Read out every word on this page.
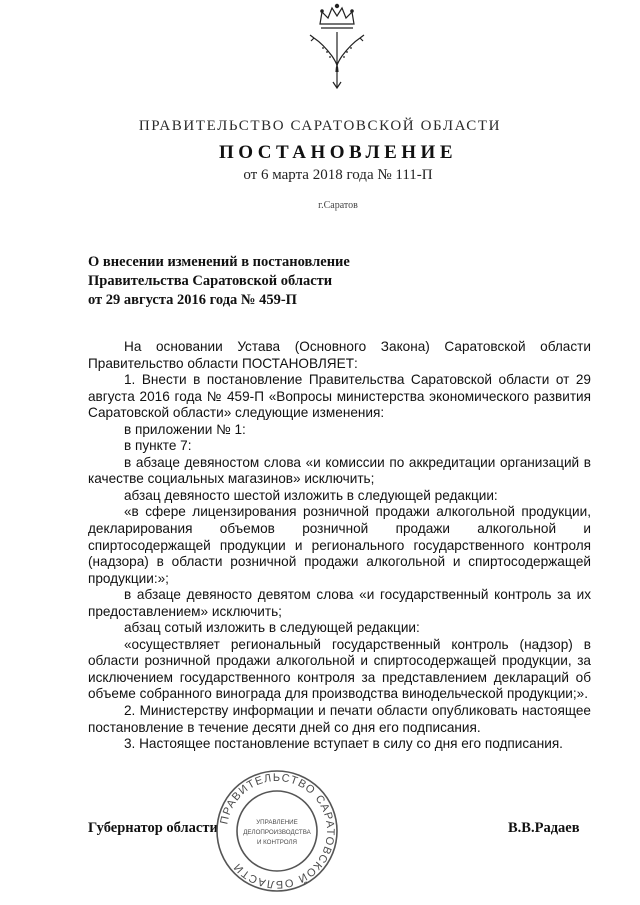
ПРАВИТЕЛЬСТВО САРАТОВСКОЙ ОБЛАСТИ
ПОСТАНОВЛЕНИЕ
от 6 марта 2018 года № 111-П
г.Саратов
О внесении изменений в постановление
Правительства Саратовской области
от 29 августа 2016 года № 459-П

На основании Устава (Основного Закона) Саратовской области Правительство области ПОСТАНОВЛЯЕТ:

1. Внести в постановление Правительства Саратовской области от 29 августа 2016 года № 459-П «Вопросы министерства экономического развития Саратовской области» следующие изменения:

в приложении № 1:

в пункте 7:

в абзаце девяностом слова «и комиссии по аккредитации организаций в качестве социальных магазинов» исключить;

абзац девяносто шестой изложить в следующей редакции:

«в сфере лицензирования розничной продажи алкогольной продукции, декларирования объемов розничной продажи алкогольной и спиртосодержащей продукции и регионального государственного контроля (надзора) в области розничной продажи алкогольной и спиртосодержащей продукции:»;

в абзаце девяносто девятом слова «и государственный контроль за их предоставлением» исключить;

абзац сотый изложить в следующей редакции:

«осуществляет региональный государственный контроль (надзор) в области розничной продажи алкогольной и спиртосодержащей продукции, за исключением государственного контроля за представлением деклараций об объеме собранного винограда для производства винодельческой продукции;».

2. Министерству информации и печати области опубликовать настоящее постановление в течение десяти дней со дня его подписания.

3. Настоящее постановление вступает в силу со дня его подписания.

Губернатор области	В.В.Радаев
ПРАВИТЕЛЬСТВО САРАТОВСКОЙ ОБЛАСТИ
УПРАВЛЕНИЕ
ДЕЛОПРОИЗВОДСТВА
И КОНТРОЛЯ
